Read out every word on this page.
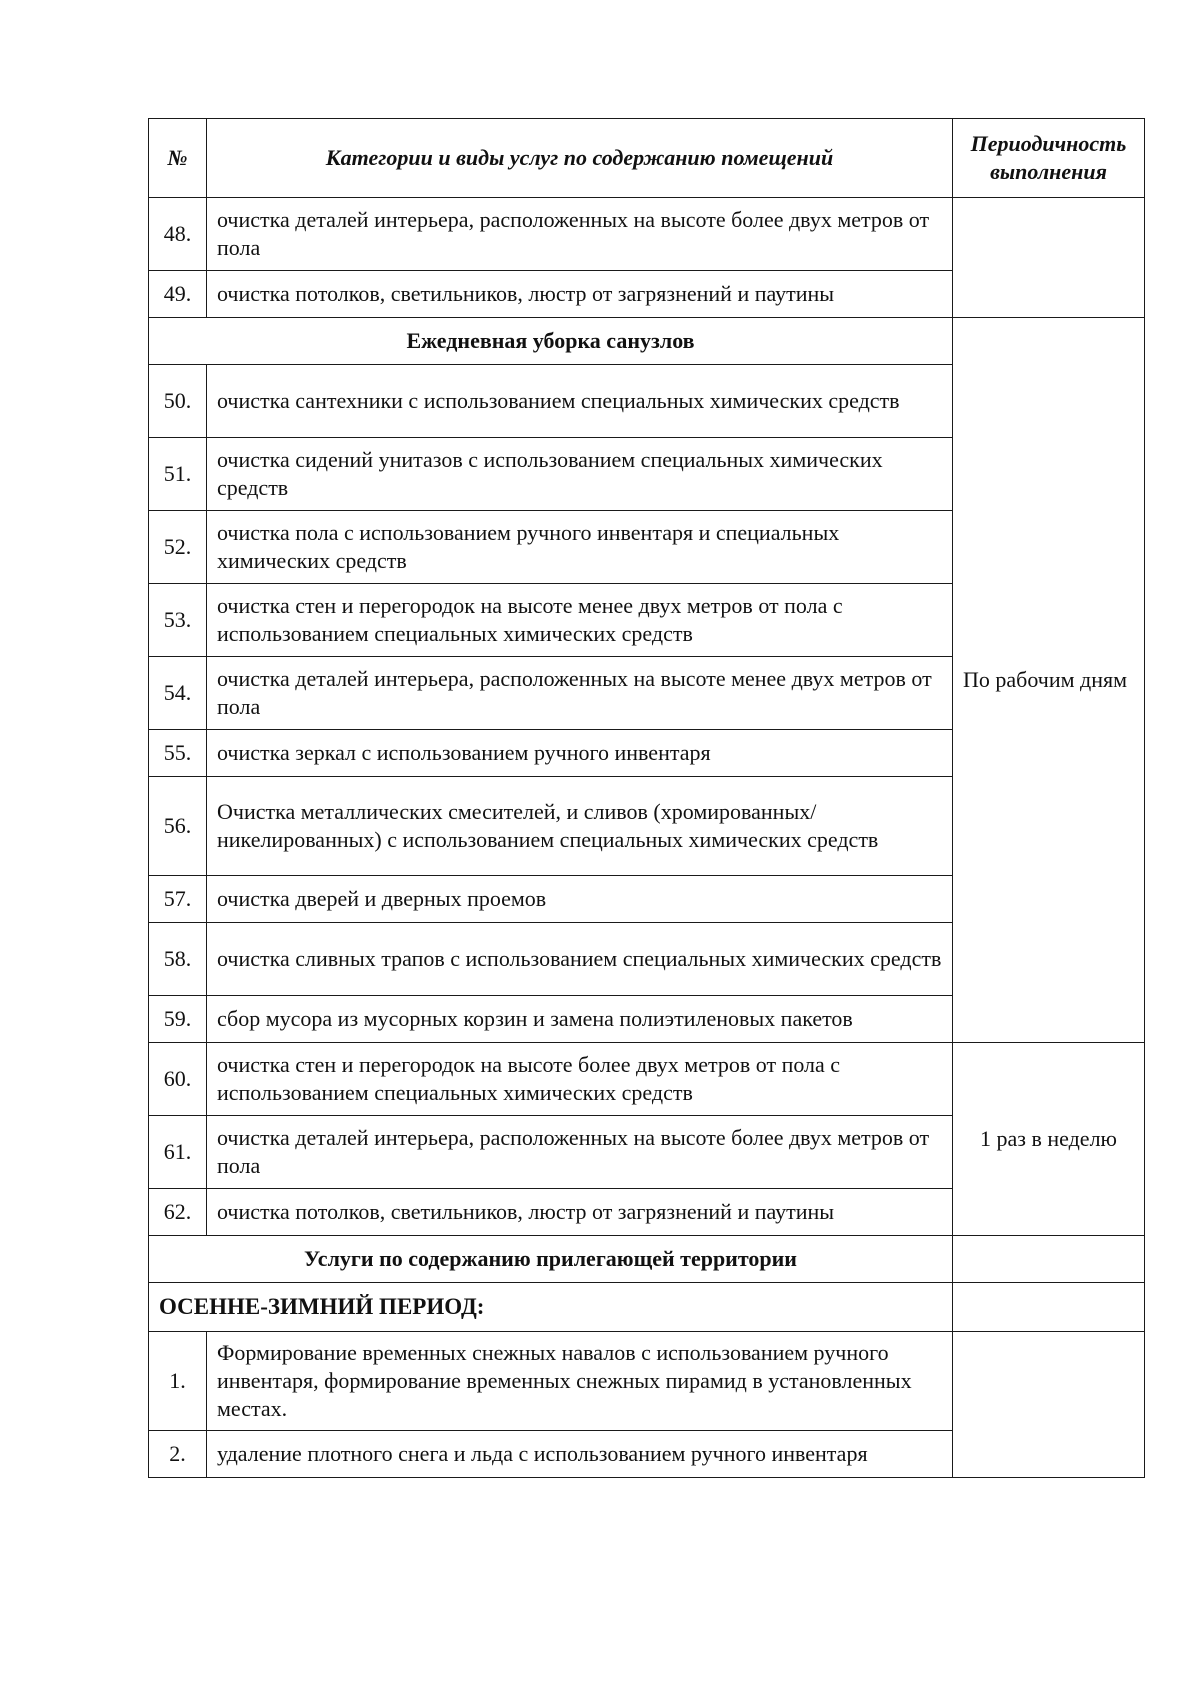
№	Категории и виды услуг по содержанию помещений	Периодичность выполнения
48.	очистка деталей интерьера, расположенных на высоте более двух метров от пола	
49.	очистка потолков, светильников, люстр от загрязнений и паутины	
Ежедневная уборка санузлов		По рабочим дням
50.	очистка сантехники с использованием специальных химических средств	
51.	очистка сидений унитазов с использованием специальных химических средств	
52.	очистка пола с использованием ручного инвентаря и специальных химических средств	
53.	очистка стен и перегородок на высоте менее двух метров от пола с использованием специальных химических средств	
54.	очистка деталей интерьера, расположенных на высоте менее двух метров от пола	
55.	очистка зеркал с использованием ручного инвентаря	
56.	Очистка металлических смесителей, и сливов (хромированных/никелированных) с использованием специальных химических средств	
57.	очистка дверей и дверных проемов	
58.	очистка сливных трапов с использованием специальных химических средств	
59.	сбор мусора из мусорных корзин и замена полиэтиленовых пакетов	
60.	очистка стен и перегородок на высоте более двух метров от пола с использованием специальных химических средств	1 раз в неделю
61.	очистка деталей интерьера, расположенных на высоте более двух метров от пола	
62.	очистка потолков, светильников, люстр от загрязнений и паутины	
Услуги по содержанию прилегающей территории		
ОСЕННЕ-ЗИМНИЙ ПЕРИОД:		
1.	Формирование временных снежных навалов с использованием ручного инвентаря, формирование временных снежных пирамид в установленных местах.	
2.	удаление плотного снега и льда с использованием ручного инвентаря	
